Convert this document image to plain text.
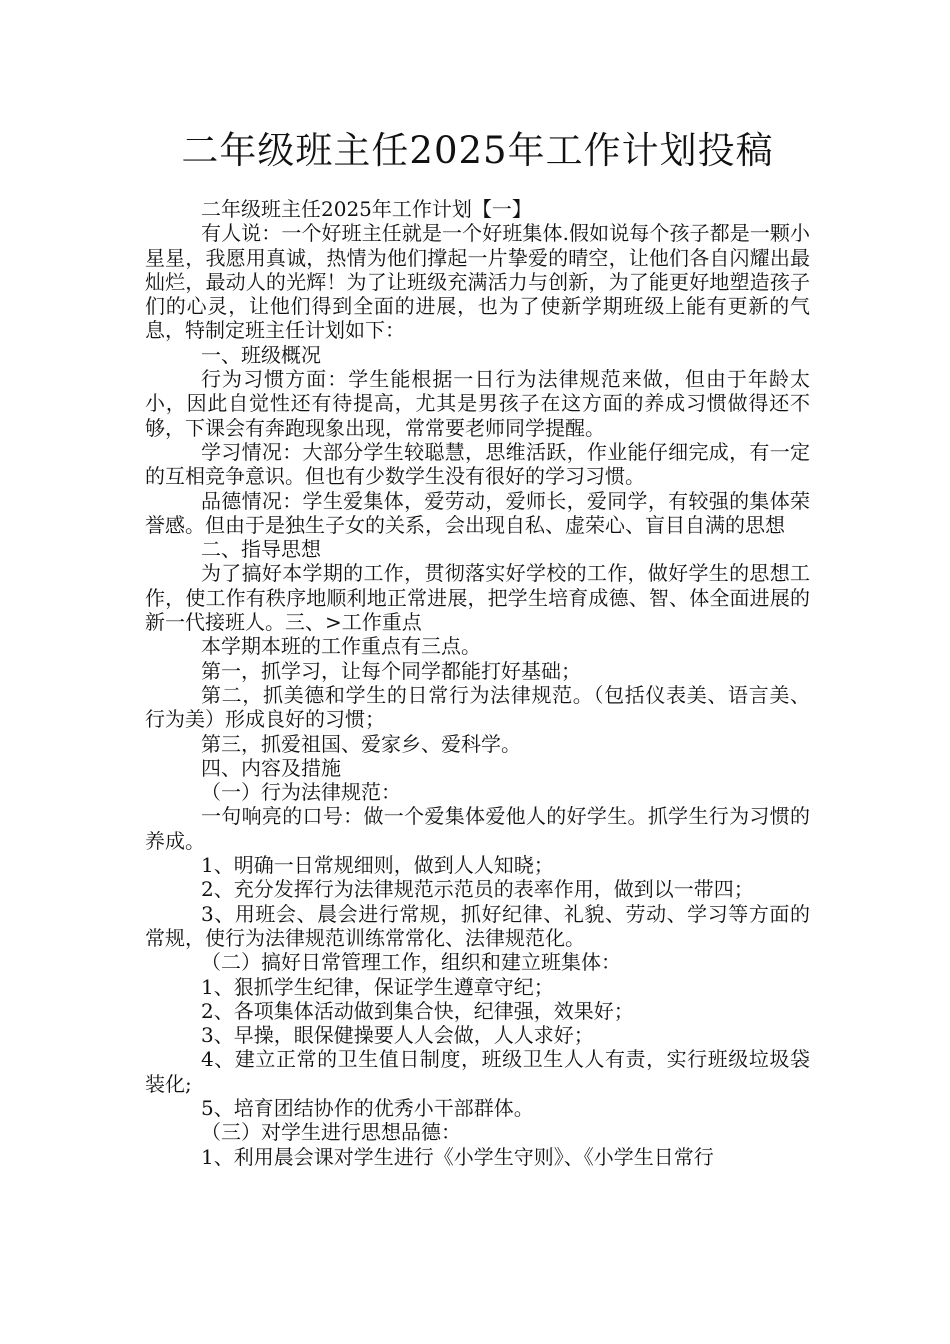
二年级班主任2025年工作计划投稿

二年级班主任2025年工作计划【一】

有人说：一个好班主任就是一个好班集体.假如说每个孩子都是一颗小星星，我愿用真诚，热情为他们撑起一片挚爱的晴空，让他们各自闪耀出最灿烂，最动人的光辉！为了让班级充满活力与创新，为了能更好地塑造孩子们的心灵，让他们得到全面的进展，也为了使新学期班级上能有更新的气息，特制定班主任计划如下：

一、班级概况

行为习惯方面：学生能根据一日行为法律规范来做，但由于年龄太小，因此自觉性还有待提高，尤其是男孩子在这方面的养成习惯做得还不够，下课会有奔跑现象出现，常常要老师同学提醒。

学习情况：大部分学生较聪慧，思维活跃，作业能仔细完成，有一定的互相竞争意识。但也有少数学生没有很好的学习习惯。

品德情况：学生爱集体，爱劳动，爱师长，爱同学，有较强的集体荣誉感。但由于是独生子女的关系，会出现自私、虚荣心、盲目自满的思想

二、指导思想

为了搞好本学期的工作，贯彻落实好学校的工作，做好学生的思想工作，使工作有秩序地顺利地正常进展，把学生培育成德、智、体全面进展的新一代接班人。三、>工作重点

本学期本班的工作重点有三点。

第一，抓学习，让每个同学都能打好基础；

第二，抓美德和学生的日常行为法律规范。（包括仪表美、语言美、行为美）形成良好的习惯；

第三，抓爱祖国、爱家乡、爱科学。

四、内容及措施

（一）行为法律规范：

一句响亮的口号：做一个爱集体爱他人的好学生。抓学生行为习惯的养成。

1、明确一日常规细则，做到人人知晓；

2、充分发挥行为法律规范示范员的表率作用，做到以一带四；

3、用班会、晨会进行常规，抓好纪律、礼貌、劳动、学习等方面的常规，使行为法律规范训练常常化、法律规范化。

（二）搞好日常管理工作，组织和建立班集体：

1、狠抓学生纪律，保证学生遵章守纪；

2、各项集体活动做到集合快，纪律强，效果好；

3、早操，眼保健操要人人会做，人人求好；

4、建立正常的卫生值日制度，班级卫生人人有责，实行班级垃圾袋装化;

5、培育团结协作的优秀小干部群体。

（三）对学生进行思想品德：

1、利用晨会课对学生进行《小学生守则》、《小学生日常行
